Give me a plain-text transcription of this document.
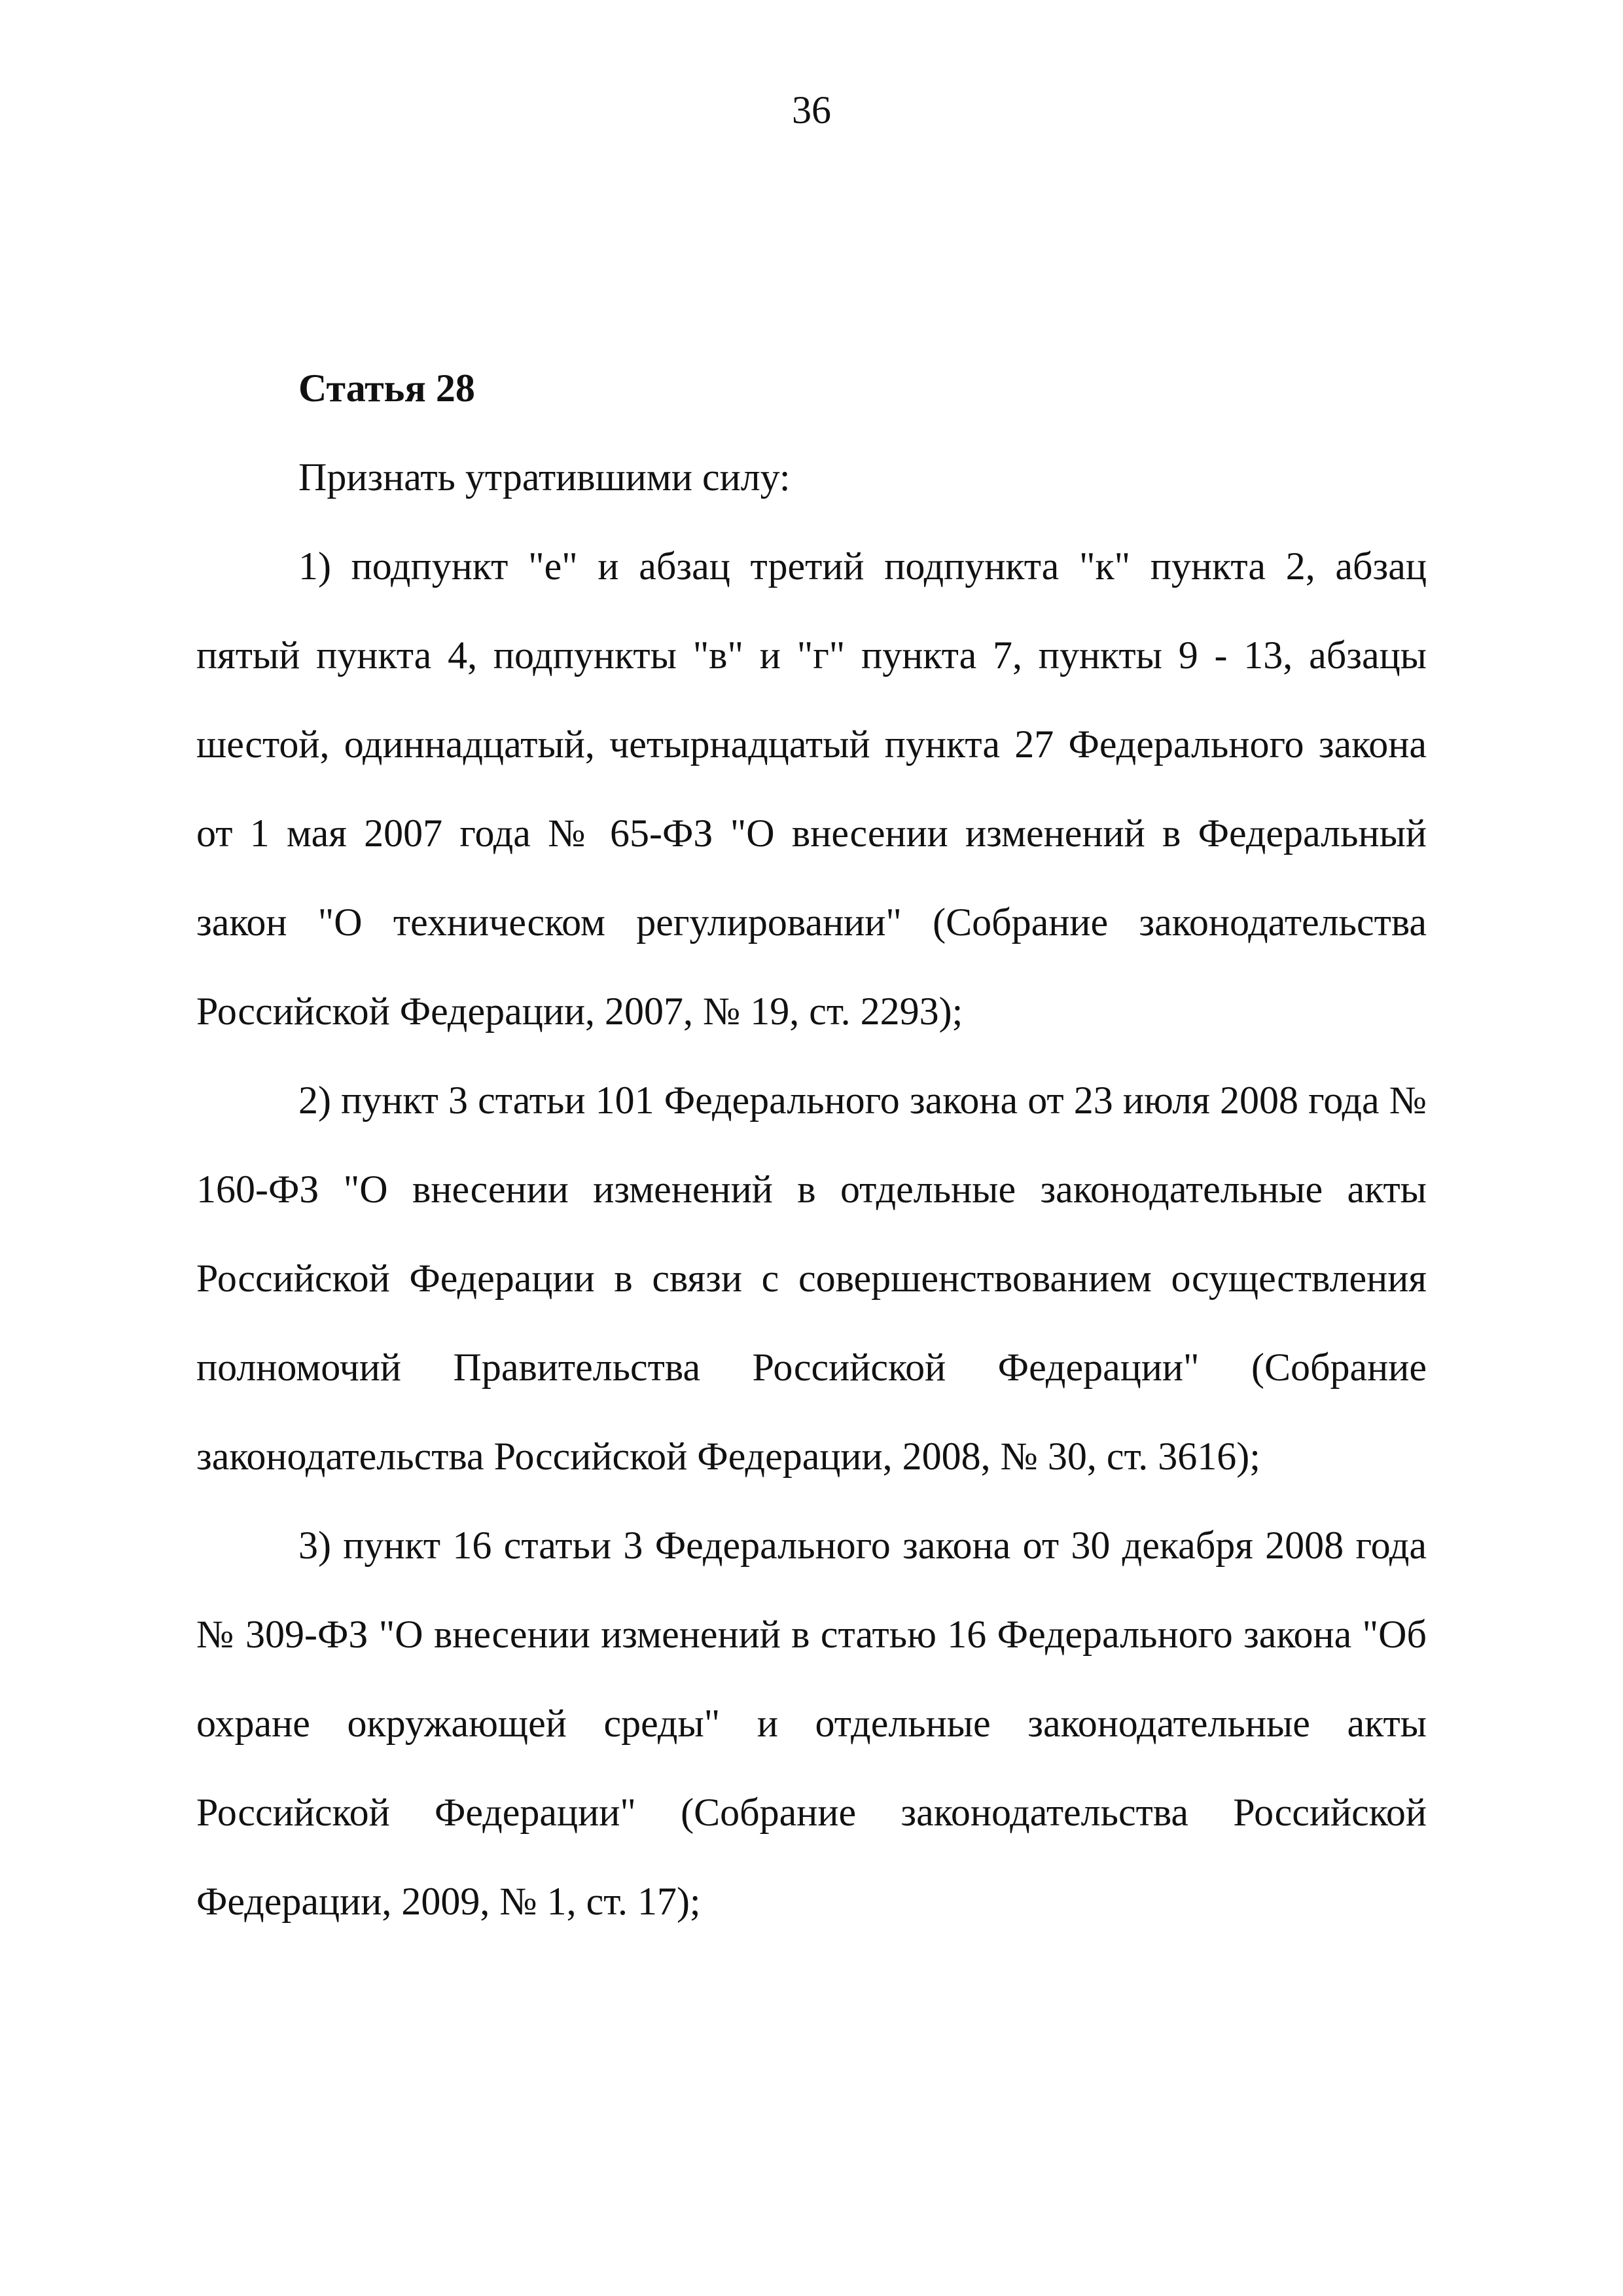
36

Статья 28

Признать утратившими силу:

1) подпункт "е" и абзац третий подпункта "к" пункта 2, абзац пятый пункта 4, подпункты "в" и "г" пункта 7, пункты 9 - 13, абзацы шестой, одиннадцатый, четырнадцатый пункта 27 Федерального закона от 1 мая 2007 года № 65-ФЗ "О внесении изменений в Федеральный закон "О техническом регулировании" (Собрание законодательства Российской Федерации, 2007, № 19, ст. 2293);

2) пункт 3 статьи 101 Федерального закона от 23 июля 2008 года № 160-ФЗ "О внесении изменений в отдельные законодательные акты Российской Федерации в связи с совершенствованием осуществления полномочий Правительства Российской Федерации" (Собрание законодательства Российской Федерации, 2008, № 30, ст. 3616);

3) пункт 16 статьи 3 Федерального закона от 30 декабря 2008 года № 309-ФЗ "О внесении изменений в статью 16 Федерального закона "Об охране окружающей среды" и отдельные законодательные акты Российской Федерации" (Собрание законодательства Российской Федерации, 2009, № 1, ст. 17);
